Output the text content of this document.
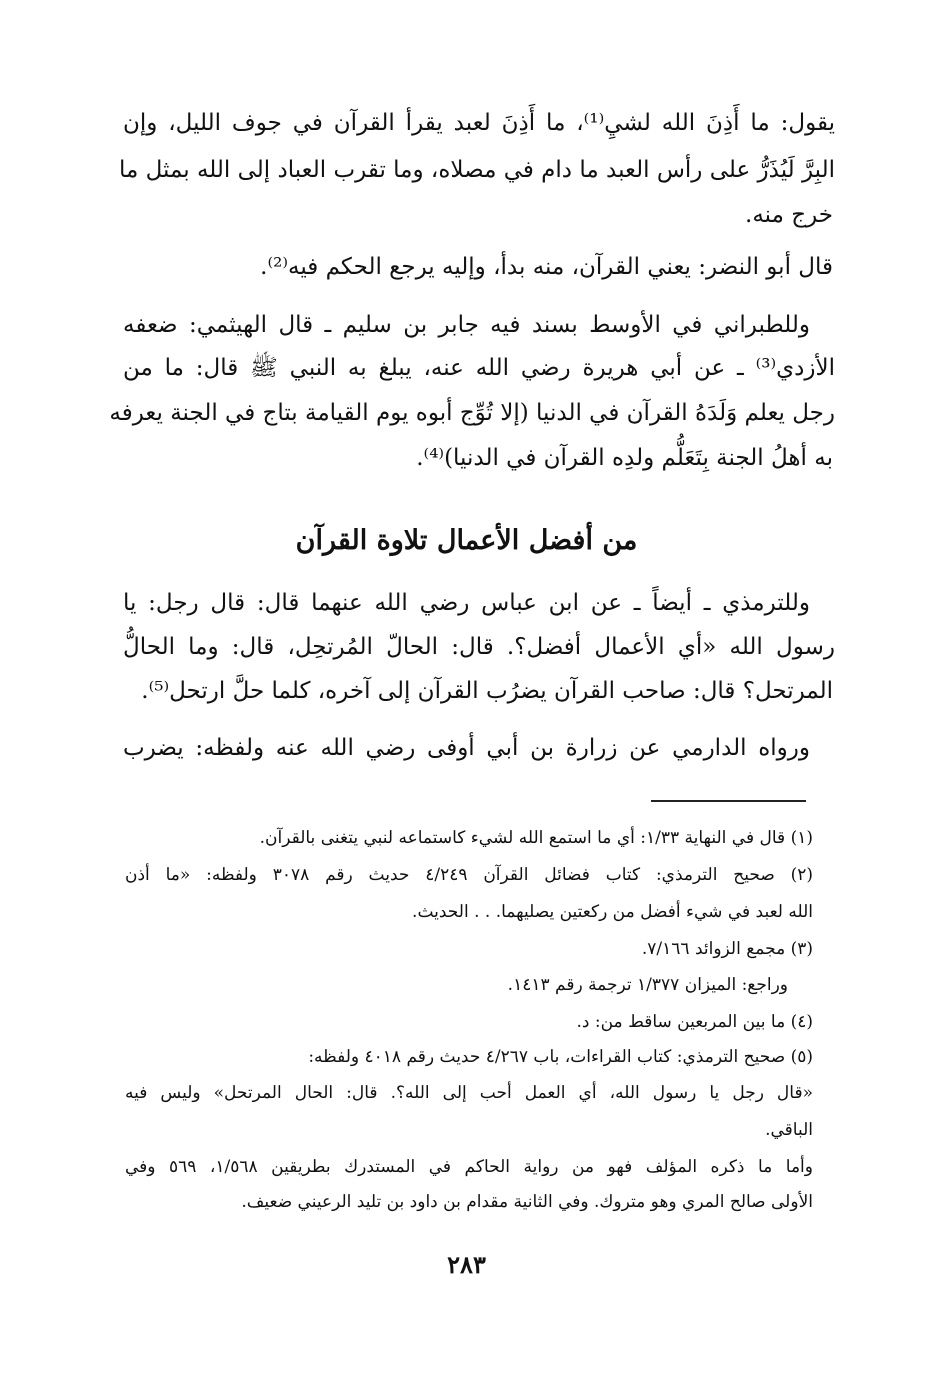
يقول: ما أَذِنَ الله لشيِ⁽¹⁾، ما أَذِنَ لعبد يقرأ القرآن في جوف الليل، وإن
البِرَّ لَيُذَرُّ على رأس العبد ما دام في مصلاه، وما تقرب العباد إلى الله بمثل ما
خرج منه.
قال أبو النضر: يعني القرآن، منه بدأ، وإليه يرجع الحكم فيه⁽²⁾.
وللطبراني في الأوسط بسند فيه جابر بن سليم ـ قال الهيثمي: ضعفه
الأزدي⁽³⁾ ـ عن أبي هريرة رضي الله عنه، يبلغ به النبي ﷺ قال: ما من
رجل يعلم وَلَدَهُ القرآن في الدنيا (إلا تُوِّج أبوه يوم القيامة بتاج في الجنة يعرفه
به أهلُ الجنة بِتَعَلُّم ولدِه القرآن في الدنيا)⁽⁴⁾.
من أفضل الأعمال تلاوة القرآن
وللترمذي ـ أيضاً ـ عن ابن عباس رضي الله عنهما قال: قال رجل: يا
رسول الله «أي الأعمال أفضل؟. قال: الحالّ المُرتحِل، قال: وما الحالُّ
المرتحل؟ قال: صاحب القرآن يضرُب القرآن إلى آخره، كلما حلَّ ارتحل⁽⁵⁾.
ورواه الدارمي عن زرارة بن أبي أوفى رضي الله عنه ولفظه: يضرب
(١) قال في النهاية ١/٣٣: أي ما استمع الله لشيء كاستماعه لنبي يتغنى بالقرآن.
(٢) صحيح الترمذي: كتاب فضائل القرآن ٤/٢٤٩ حديث رقم ٣٠٧٨ ولفظه: «ما أذن
الله لعبد في شيء أفضل من ركعتين يصليهما. . . الحديث.
(٣) مجمع الزوائد ٧/١٦٦.
وراجع: الميزان ١/٣٧٧ ترجمة رقم ١٤١٣.
(٤) ما بين المربعين ساقط من: د.
(٥) صحيح الترمذي: كتاب القراءات، باب ٤/٢٦٧ حديث رقم ٤٠١٨ ولفظه:
«قال رجل يا رسول الله، أي العمل أحب إلى الله؟. قال: الحال المرتحل» وليس فيه
الباقي.
وأما ما ذكره المؤلف فهو من رواية الحاكم في المستدرك بطريقين ١/٥٦٨، ٥٦٩ وفي
الأولى صالح المري وهو متروك. وفي الثانية مقدام بن داود بن تليد الرعيني ضعيف.
٢٨٣
